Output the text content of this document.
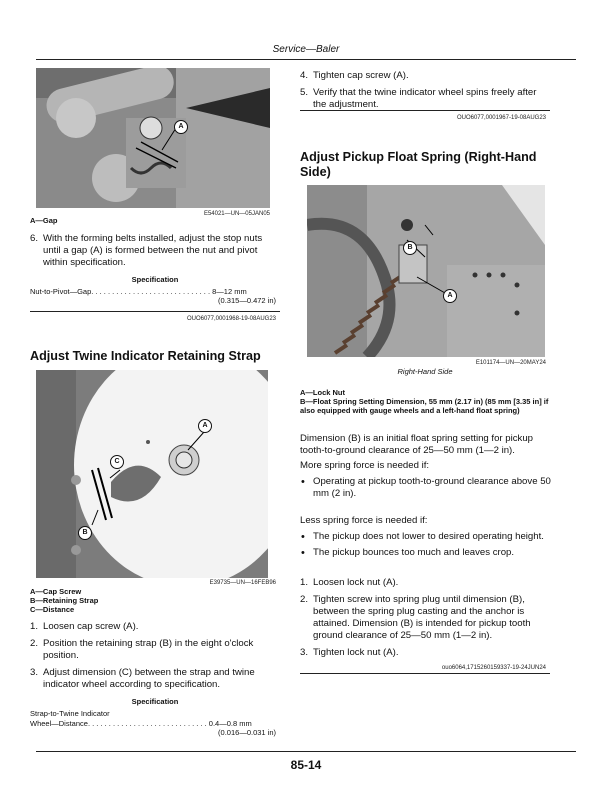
Service—Baler
A
E54021—UN—05JAN05
A—Gap
6. With the forming belts installed, adjust the stop nuts until a gap (A) is formed between the nut and pivot within specification.
Specification
Nut-to-Pivot—Gap. . . . . . . . . . . . . . . . . . . . . . . . . . . . . 8—12 mm
(0.315—0.472 in)
OUO6077,0001968-19-08AUG23
Adjust Twine Indicator Retaining Strap
A
C
B
E39735—UN—16FEB96
A—Cap Screw
B—Retaining Strap
C—Distance
1. Loosen cap screw (A).
2. Position the retaining strap (B) in the eight o'clock position.
3. Adjust dimension (C) between the strap and twine indicator wheel according to specification.
Specification
Strap-to-Twine Indicator
Wheel—Distance. . . . . . . . . . . . . . . . . . . . . . . . . . . . . 0.4—0.8 mm
(0.016—0.031 in)
4. Tighten cap screw (A).
5. Verify that the twine indicator wheel spins freely after the adjustment.
OUO6077,0001967-19-08AUG23
Adjust Pickup Float Spring (Right-Hand Side)
B
A
E101174—UN—20MAY24
Right-Hand Side
A—Lock Nut
B—Float Spring Setting Dimension, 55 mm (2.17 in) (85 mm [3.35 in] if also equipped with gauge wheels and a left-hand float spring)
Dimension (B) is an initial float spring setting for pickup tooth-to-ground clearance of 25—50 mm (1—2 in).
More spring force is needed if:
• Operating at pickup tooth-to-ground clearance above 50 mm (2 in).
Less spring force is needed if:
• The pickup does not lower to desired operating height.
• The pickup bounces too much and leaves crop.
1. Loosen lock nut (A).
2. Tighten screw into spring plug until dimension (B), between the spring plug casting and the anchor is attained. Dimension (B) is intended for pickup tooth ground clearance of 25—50 mm (1—2 in).
3. Tighten lock nut (A).
ouo6064,1715260159337-19-24JUN24
85-14
